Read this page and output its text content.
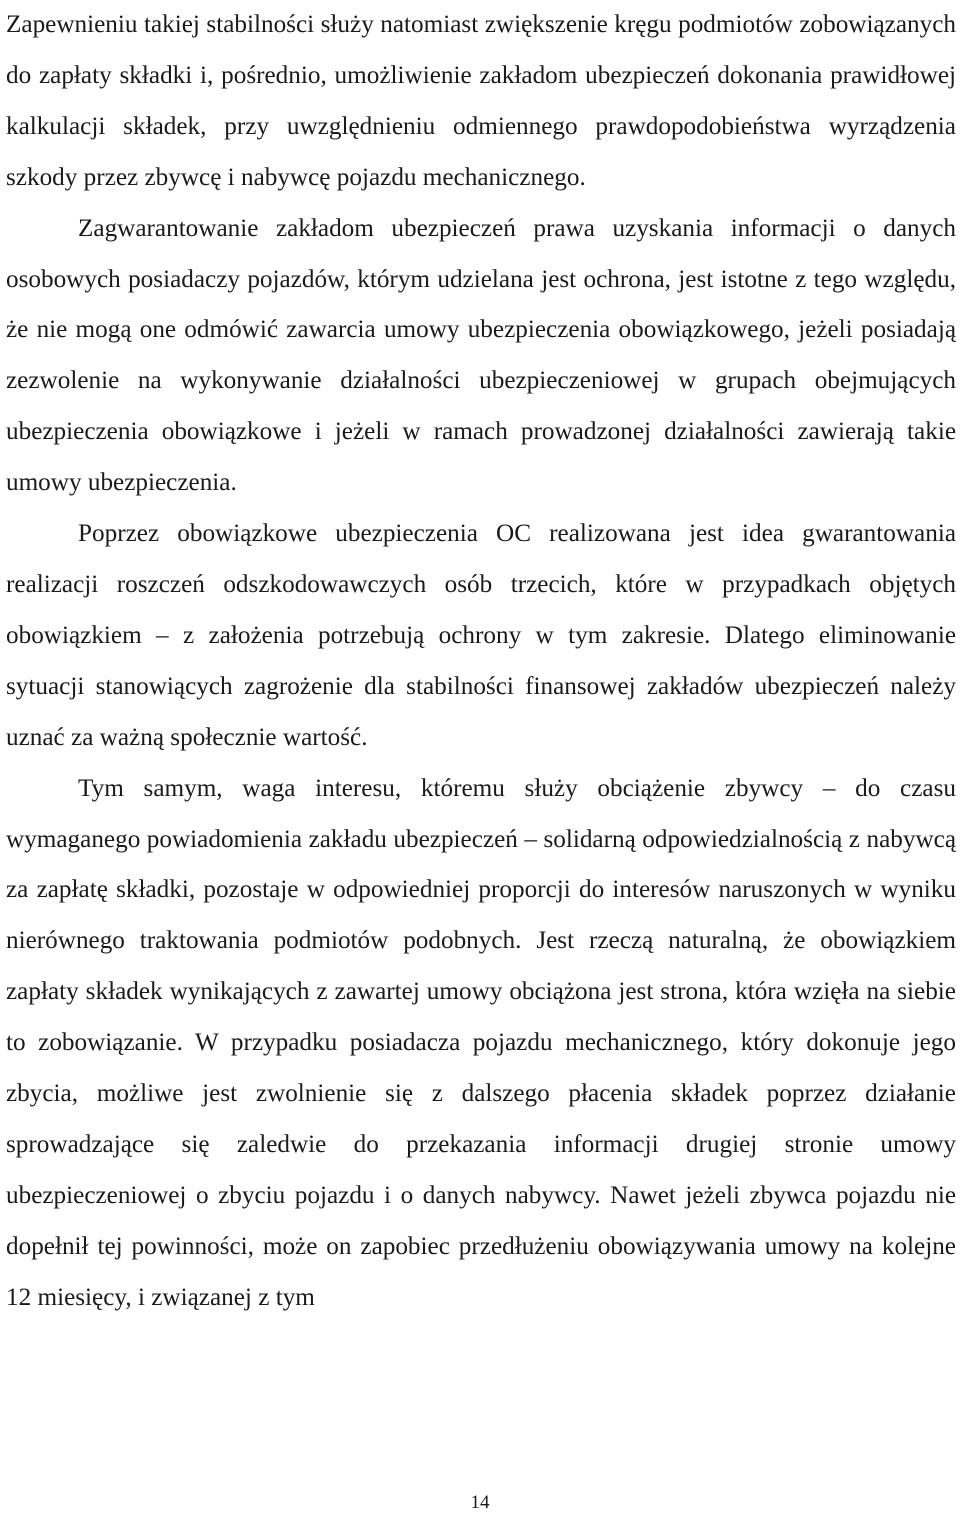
Zapewnieniu takiej stabilności służy natomiast zwiększenie kręgu podmiotów zobowiązanych do zapłaty składki i, pośrednio, umożliwienie zakładom ubezpieczeń dokonania prawidłowej kalkulacji składek, przy uwzględnieniu odmiennego prawdopodobieństwa wyrządzenia szkody przez zbywcę i nabywcę pojazdu mechanicznego.

Zagwarantowanie zakładom ubezpieczeń prawa uzyskania informacji o danych osobowych posiadaczy pojazdów, którym udzielana jest ochrona, jest istotne z tego względu, że nie mogą one odmówić zawarcia umowy ubezpieczenia obowiązkowego, jeżeli posiadają zezwolenie na wykonywanie działalności ubezpieczeniowej w grupach obejmujących ubezpieczenia obowiązkowe i jeżeli w ramach prowadzonej działalności zawierają takie umowy ubezpieczenia.

Poprzez obowiązkowe ubezpieczenia OC realizowana jest idea gwarantowania realizacji roszczeń odszkodowawczych osób trzecich, które w przypadkach objętych obowiązkiem – z założenia potrzebują ochrony w tym zakresie. Dlatego eliminowanie sytuacji stanowiących zagrożenie dla stabilności finansowej zakładów ubezpieczeń należy uznać za ważną społecznie wartość.

Tym samym, waga interesu, któremu służy obciążenie zbywcy – do czasu wymaganego powiadomienia zakładu ubezpieczeń – solidarną odpowiedzialnością z nabywcą za zapłatę składki, pozostaje w odpowiedniej proporcji do interesów naruszonych w wyniku nierównego traktowania podmiotów podobnych. Jest rzeczą naturalną, że obowiązkiem zapłaty składek wynikających z zawartej umowy obciążona jest strona, która wzięła na siebie to zobowiązanie. W przypadku posiadacza pojazdu mechanicznego, który dokonuje jego zbycia, możliwe jest zwolnienie się z dalszego płacenia składek poprzez działanie sprowadzające się zaledwie do przekazania informacji drugiej stronie umowy ubezpieczeniowej o zbyciu pojazdu i o danych nabywcy. Nawet jeżeli zbywca pojazdu nie dopełnił tej powinności, może on zapobiec przedłużeniu obowiązywania umowy na kolejne 12 miesięcy, i związanej z tym

14
